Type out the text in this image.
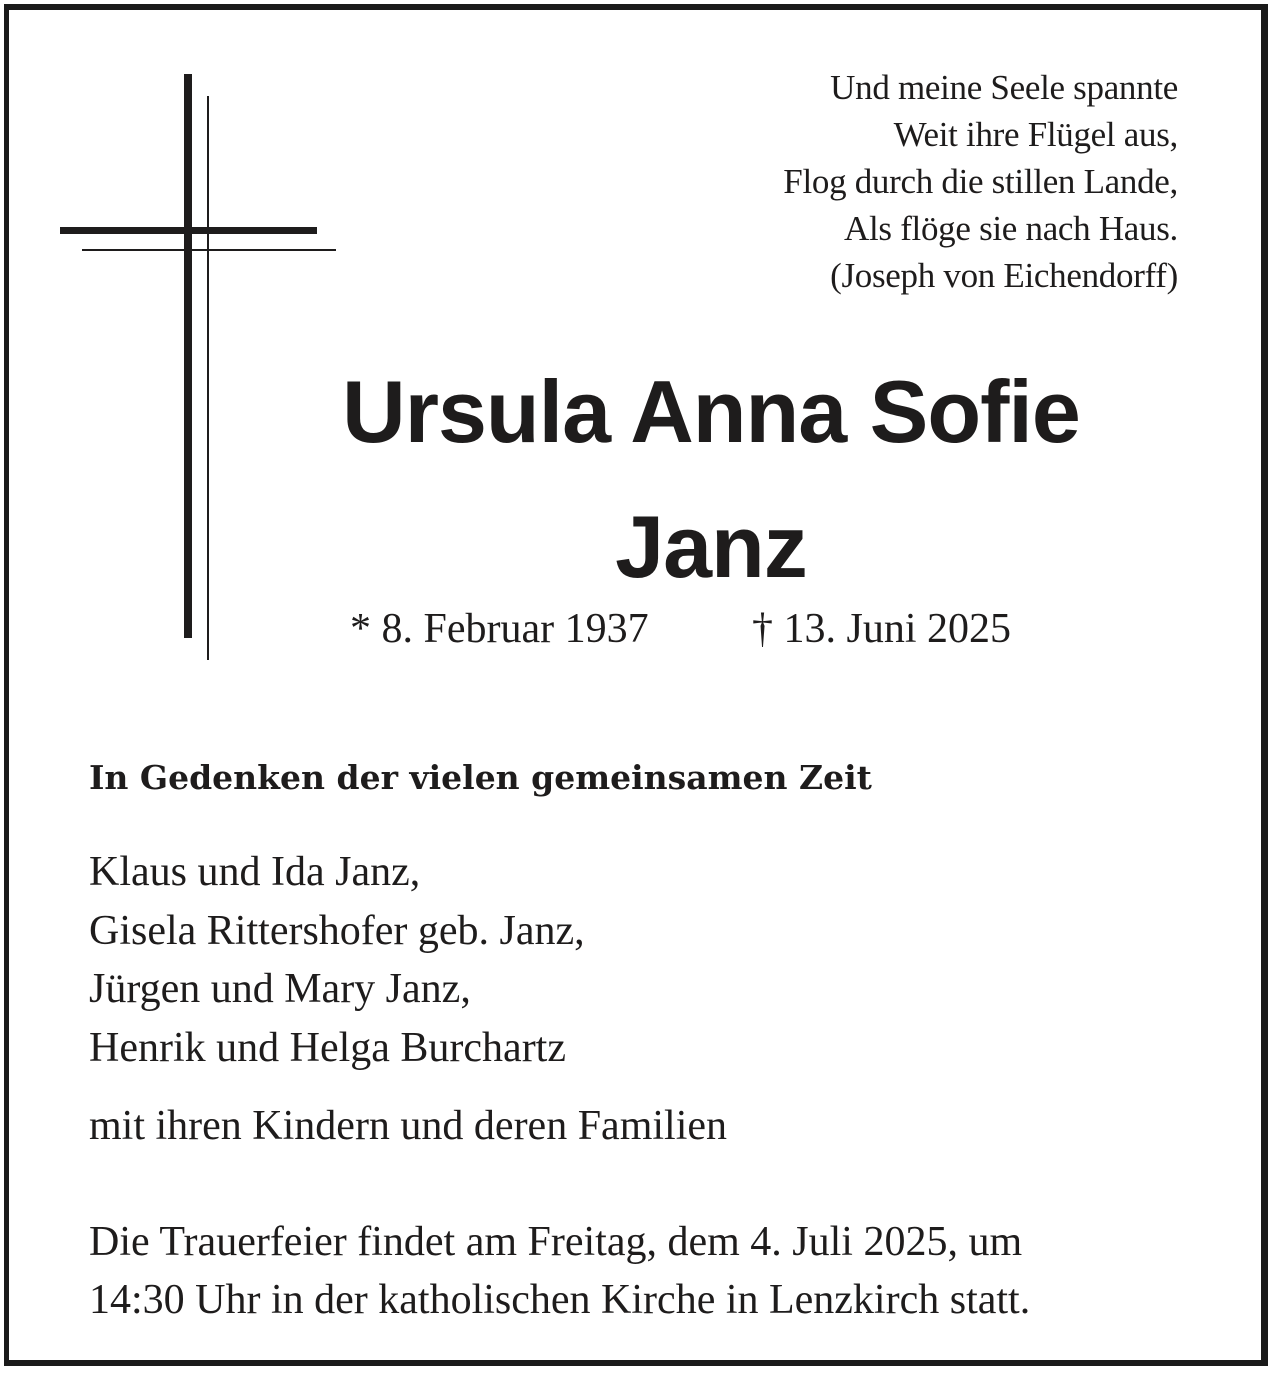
Und meine Seele spannte
Weit ihre Flügel aus,
Flog durch die stillen Lande,
Als flöge sie nach Haus.
(Joseph von Eichendorff)
Ursula Anna Sofie
Janz
* 8. Februar 1937 † 13. Juni 2025
In Gedenken der vielen gemeinsamen Zeit
Klaus und Ida Janz,
Gisela Rittershofer geb. Janz,
Jürgen und Mary Janz,
Henrik und Helga Burchartz
mit ihren Kindern und deren Familien
Die Trauerfeier findet am Freitag, dem 4. Juli 2025, um
14:30 Uhr in der katholischen Kirche in Lenzkirch statt.
